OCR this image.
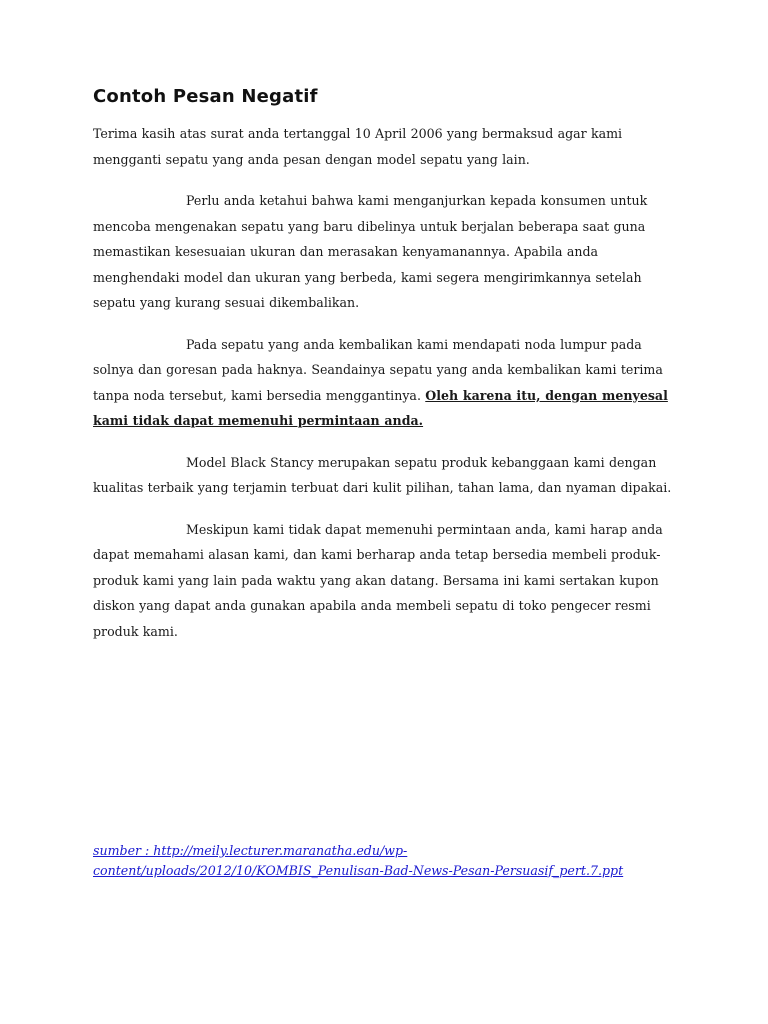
Contoh Pesan Negatif

Terima kasih atas surat anda tertanggal 10 April 2006 yang bermaksud agar kami mengganti sepatu yang anda pesan dengan model sepatu yang lain.

Perlu anda ketahui bahwa kami menganjurkan kepada konsumen untuk mencoba mengenakan sepatu yang baru dibelinya untuk berjalan beberapa saat guna memastikan kesesuaian ukuran dan merasakan kenyamanannya. Apabila anda menghendaki model dan ukuran yang berbeda, kami segera mengirimkannya setelah sepatu yang kurang sesuai dikembalikan.

Pada sepatu yang anda kembalikan kami mendapati noda lumpur pada solnya dan goresan pada haknya. Seandainya sepatu yang anda kembalikan kami terima tanpa noda tersebut, kami bersedia menggantinya. Oleh karena itu, dengan menyesal kami tidak dapat memenuhi permintaan anda.

Model Black Stancy merupakan sepatu produk kebanggaan kami dengan kualitas terbaik yang terjamin terbuat dari kulit pilihan, tahan lama, dan nyaman dipakai.

Meskipun kami tidak dapat memenuhi permintaan anda, kami harap anda dapat memahami alasan kami, dan kami berharap anda tetap bersedia membeli produk-produk kami yang lain pada waktu yang akan datang. Bersama ini kami sertakan kupon diskon yang dapat anda gunakan apabila anda membeli sepatu di toko pengecer resmi produk kami.

sumber : http://meily.lecturer.maranatha.edu/wp-content/uploads/2012/10/KOMBIS_Penulisan-Bad-News-Pesan-Persuasif_pert.7.ppt
